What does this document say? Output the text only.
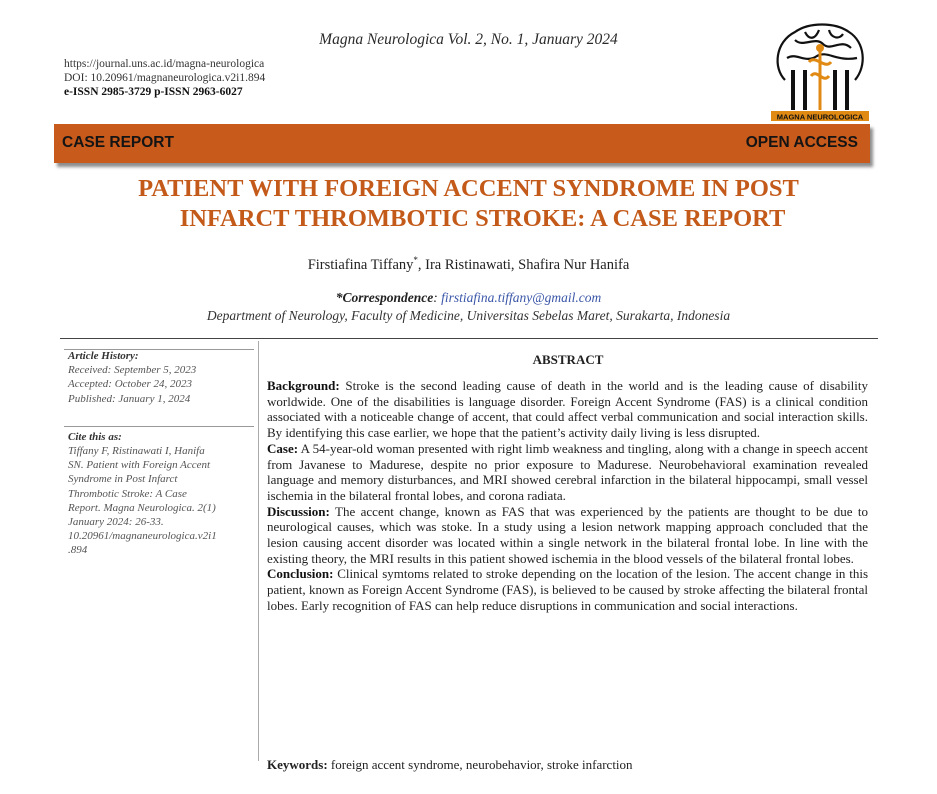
Magna Neurologica Vol. 2, No. 1, January 2024
https://journal.uns.ac.id/magna-neurologica
DOI: 10.20961/magnaneurologica.v2i1.894
e-ISSN 2985-3729 p-ISSN 2963-6027
MAGNA NEUROLOGICA
CASE REPORT	OPEN ACCESS
PATIENT WITH FOREIGN ACCENT SYNDROME IN POST
INFARCT THROMBOTIC STROKE: A CASE REPORT
Firstiafina Tiffany*, Ira Ristinawati, Shafira Nur Hanifa
*Correspondence: firstiafina.tiffany@gmail.com
Department of Neurology, Faculty of Medicine, Universitas Sebelas Maret, Surakarta, Indonesia
Article History:
Received: September 5, 2023
Accepted: October 24, 2023
Published: January 1, 2024
Cite this as:
Tiffany F, Ristinawati I, Hanifa
SN. Patient with Foreign Accent
Syndrome in Post Infarct
Thrombotic Stroke: A Case
Report. Magna Neurologica. 2(1)
January 2024: 26-33.
10.20961/magnaneurologica.v2i1
.894
ABSTRACT

Background: Stroke is the second leading cause of death in the world and is the leading cause of disability worldwide. One of the disabilities is language disorder. Foreign Accent Syndrome (FAS) is a clinical condition associated with a noticeable change of accent, that could affect verbal communication and social interaction skills. By identifying this case earlier, we hope that the patient’s activity daily living is less disrupted.

Case: A 54-year-old woman presented with right limb weakness and tingling, along with a change in speech accent from Javanese to Madurese, despite no prior exposure to Madurese. Neurobehavioral examination revealed language and memory disturbances, and MRI showed cerebral infarction in the bilateral hippocampi, small vessel ischemia in the bilateral frontal lobes, and corona radiata.

Discussion: The accent change, known as FAS that was experienced by the patients are thought to be due to neurological causes, which was stoke. In a study using a lesion network mapping approach concluded that the lesion causing accent disorder was located within a single network in the bilateral frontal lobe. In line with the existing theory, the MRI results in this patient showed ischemia in the blood vessels of the bilateral frontal lobes.

Conclusion: Clinical symtoms related to stroke depending on the location of the lesion. The accent change in this patient, known as Foreign Accent Syndrome (FAS), is believed to be caused by stroke affecting the bilateral frontal lobes. Early recognition of FAS can help reduce disruptions in communication and social interactions.

Keywords: foreign accent syndrome, neurobehavior, stroke infarction
